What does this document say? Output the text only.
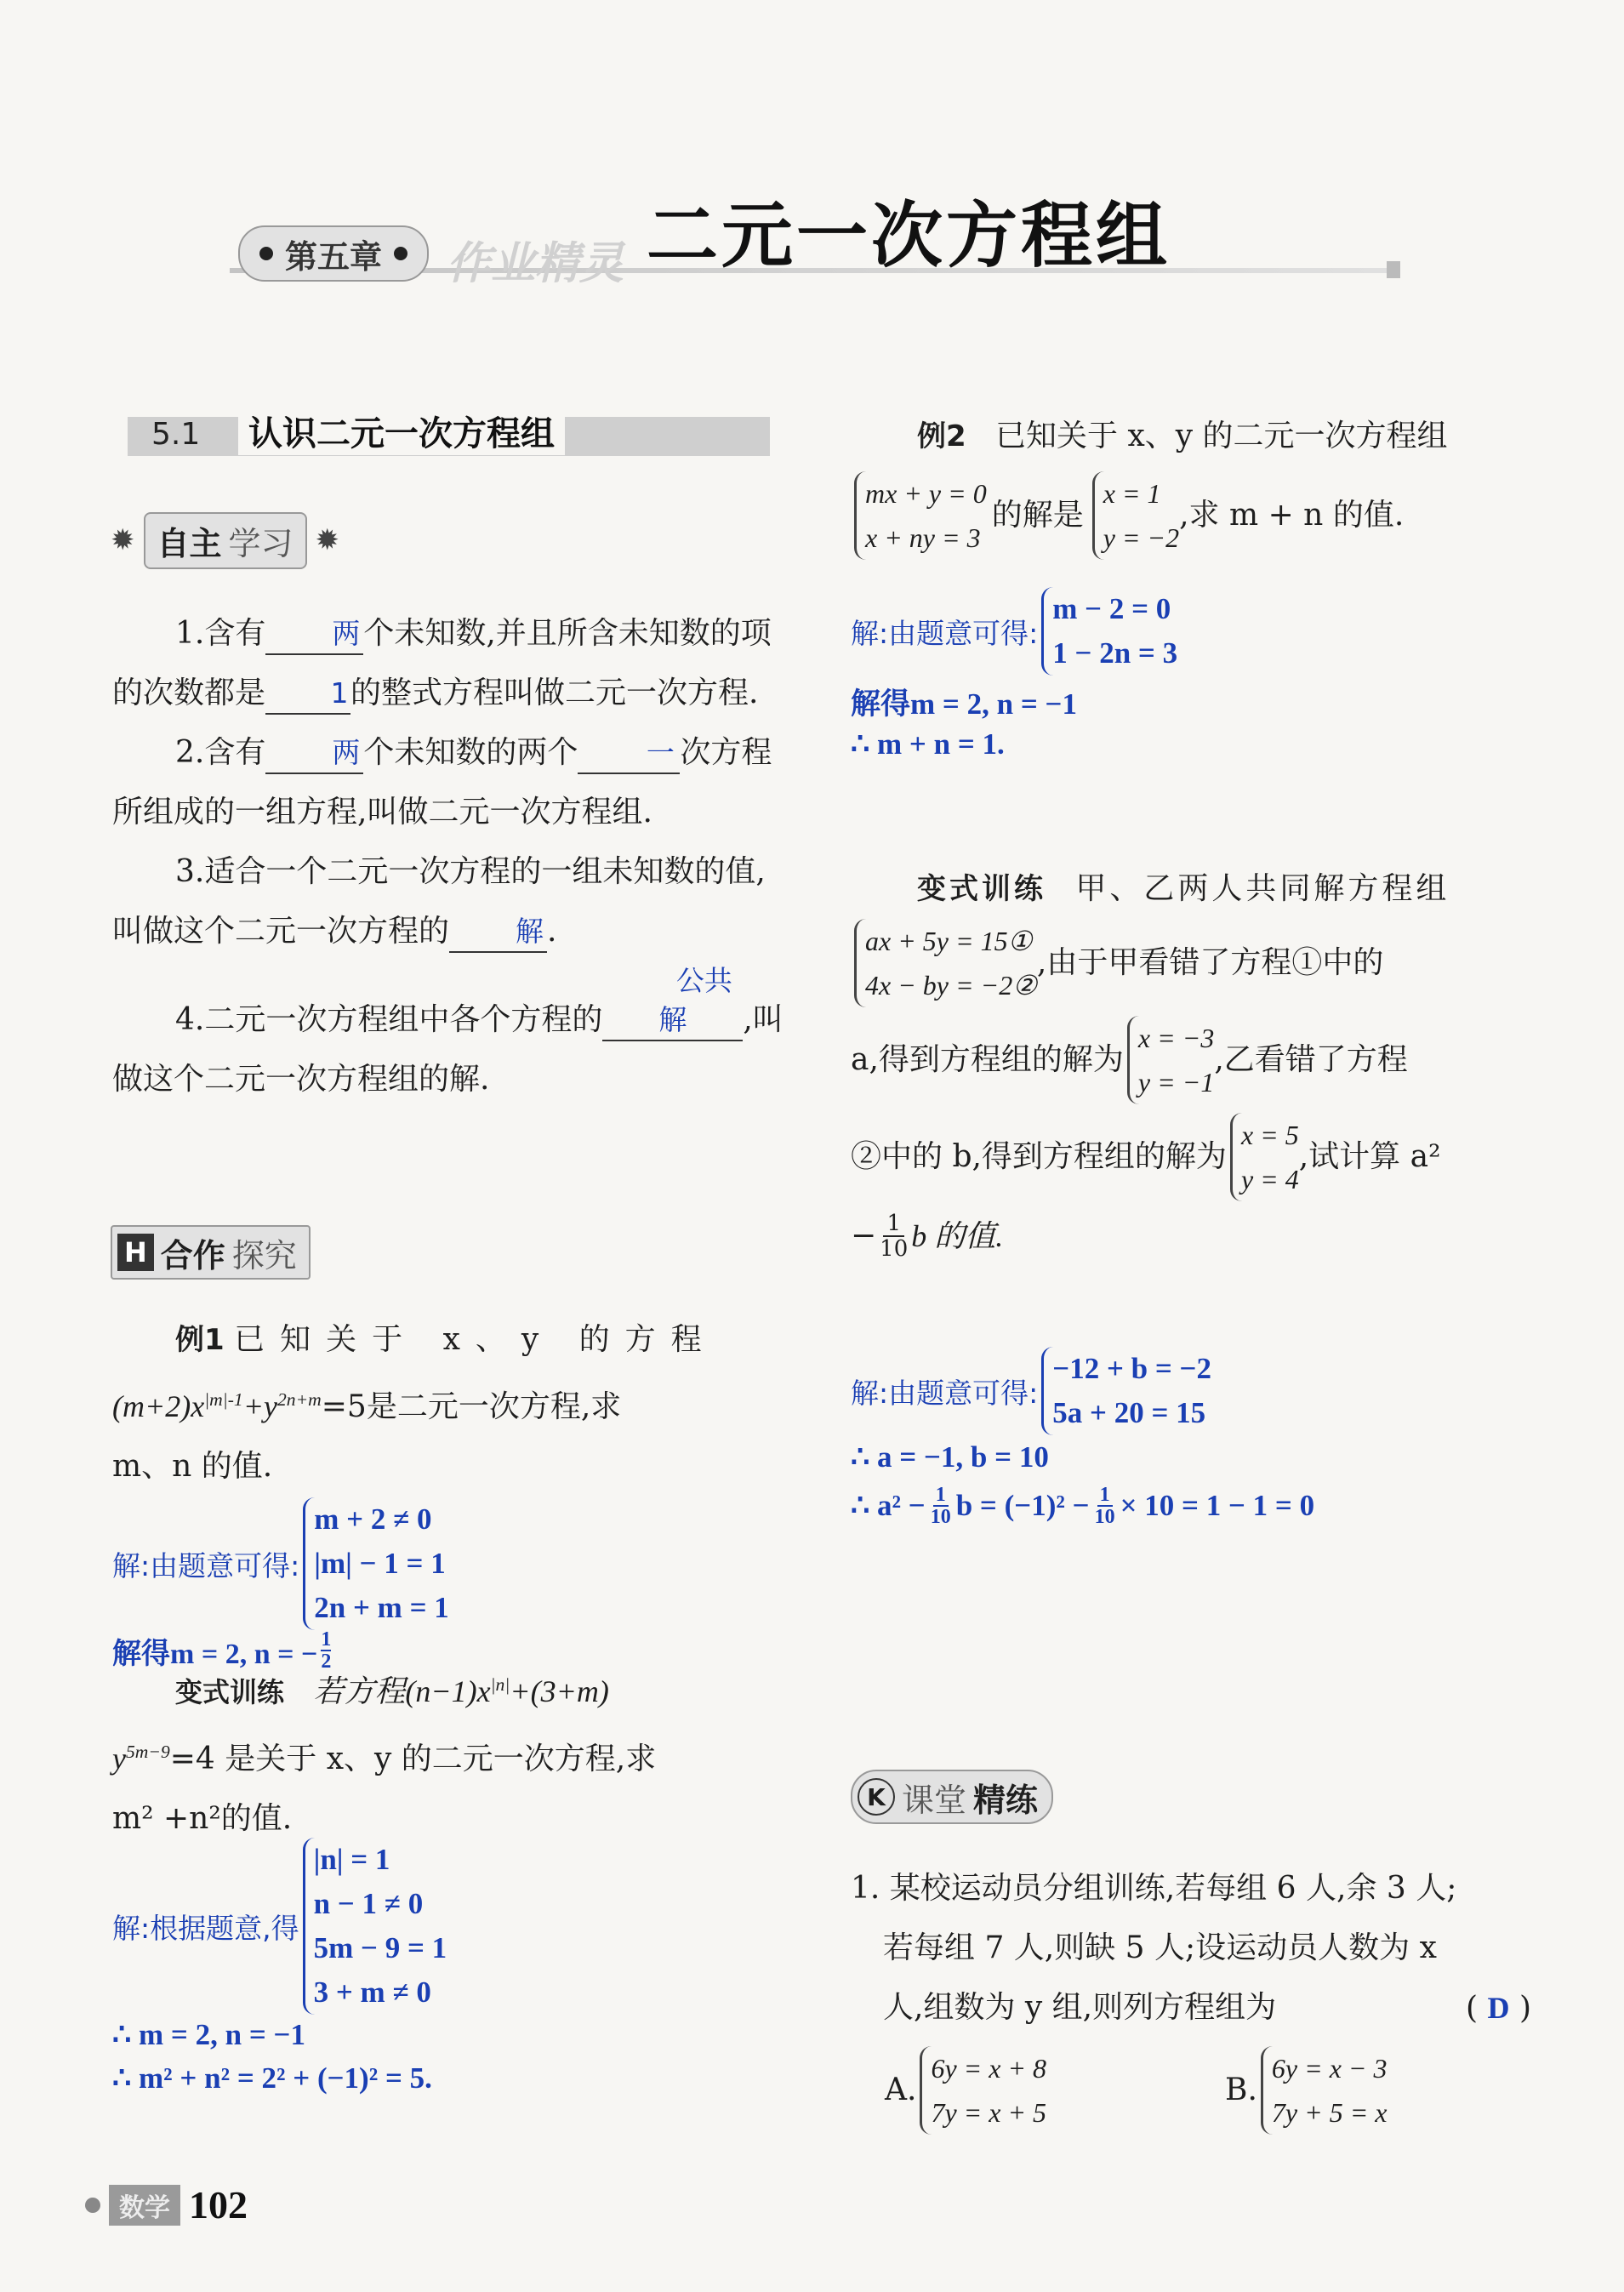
第五章 作业精灵 二元一次方程组
5.1	认识二元一次方程组
✹ 自主 学习 ✹
1.含有 两 个未知数,并且所含未知数的项的次数都是 1的整式方程叫做二元一次方程.
2.含有 两 个未知数的两个 一 次方程所组成的一组方程,叫做二元一次方程组.
3.适合一个二元一次方程的一组未知数的值,叫做这个二元一次方程的 解 .
4.二元一次方程组中各个方程的公共解 ,叫做这个二元一次方程组的解.
H 合作 探究
例1 已知关于 x、y 的方程
$(m+2)x^{|m|-1}+y^{2n+m}=5$是二元一次方程,求
m、n 的值.
解:由题意可得:
m + 2 ≠ 0
|m| − 1 = 1
2n + m = 1
解得m = 2, n = − $\frac{1}{2}$
变式训练 若方程$(n-1)x^{|n|}+(3+m)$
$y^{5m-9}=4$ 是关于 x、y 的二元一次方程,求
m² +n²的值.
解:根据题意,得
|n| = 1
n − 1 ≠ 0
5m − 9 = 1
3 + m ≠ 0
∴ m = 2, n = −1
∴ m² + n² = 2² + (−1)² = 5.
例2 已知关于 x、y 的二元一次方程组
mx + y = 0
x + ny = 3
的解是
x = 1
y = −2
,求 m + n 的值.
解:由题意可得:
m − 2 = 0
1 − 2n = 3
解得m = 2, n = −1
∴ m + n = 1.
变式训练 甲、乙两人共同解方程组
ax + 5y = 15①
4x − by = −2②
,由于甲看错了方程①中的
a,得到方程组的解为
x = −3
y = −1
,乙看错了方程
②中的 b,得到方程组的解为
x = 5
y = 4
,试计算 a²
− $\frac{1}{10}$ b 的值.
解:由题意可得:
−12 + b = −2
5a + 20 = 15
∴ a = −1, b = 10
∴ $a^2 - \frac{1}{10}$ $b = (-1)^2 - \frac{1}{10} \times 10 = 1 - 1 = 0$
K 课堂 精练
1. 某校运动员分组训练,若每组 6 人,余 3 人;
若每组 7 人,则缺 5 人;设运动员人数为 x
人,组数为 y 组,则列方程组为	( D )
A.
6y = x + 8
7y = x + 5
B.
6y = x − 3
7y + 5 = x
数学 102
